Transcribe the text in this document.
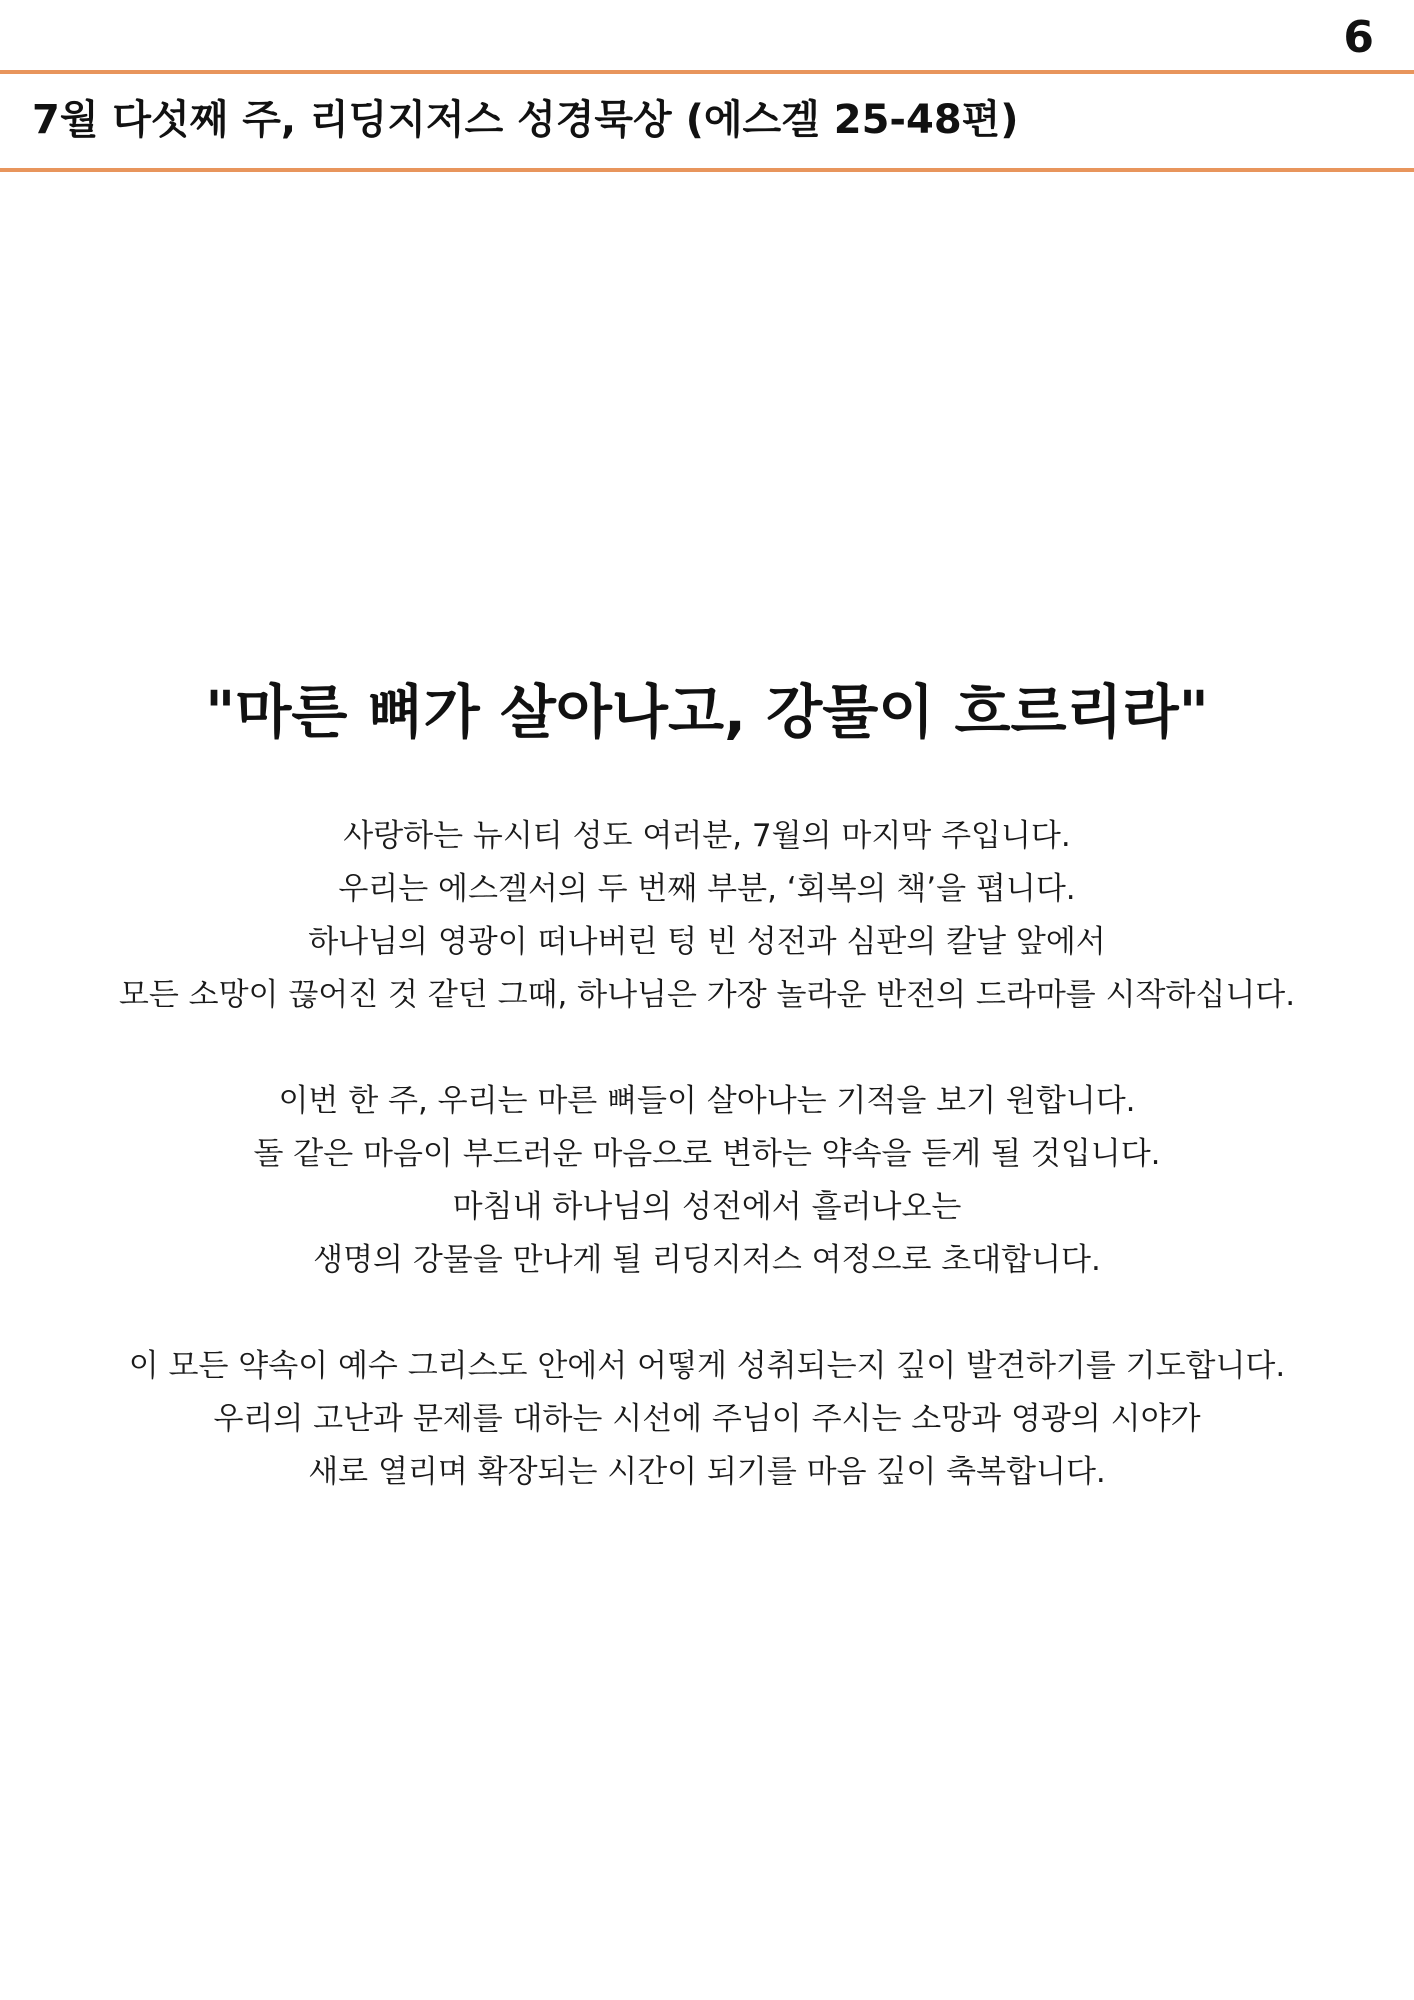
6
7월 다섯째 주, 리딩지저스 성경묵상 (에스겔 25-48편)
"마른 뼈가 살아나고, 강물이 흐르리라"
사랑하는 뉴시티 성도 여러분, 7월의 마지막 주입니다.
우리는 에스겔서의 두 번째 부분, ‘회복의 책’을 폅니다.
하나님의 영광이 떠나버린 텅 빈 성전과 심판의 칼날 앞에서
모든 소망이 끊어진 것 같던 그때, 하나님은 가장 놀라운 반전의 드라마를 시작하십니다.
이번 한 주, 우리는 마른 뼈들이 살아나는 기적을 보기 원합니다.
돌 같은 마음이 부드러운 마음으로 변하는 약속을 듣게 될 것입니다.
마침내 하나님의 성전에서 흘러나오는
생명의 강물을 만나게 될 리딩지저스 여정으로 초대합니다.
이 모든 약속이 예수 그리스도 안에서 어떻게 성취되는지 깊이 발견하기를 기도합니다.
우리의 고난과 문제를 대하는 시선에 주님이 주시는 소망과 영광의 시야가
새로 열리며 확장되는 시간이 되기를 마음 깊이 축복합니다.
